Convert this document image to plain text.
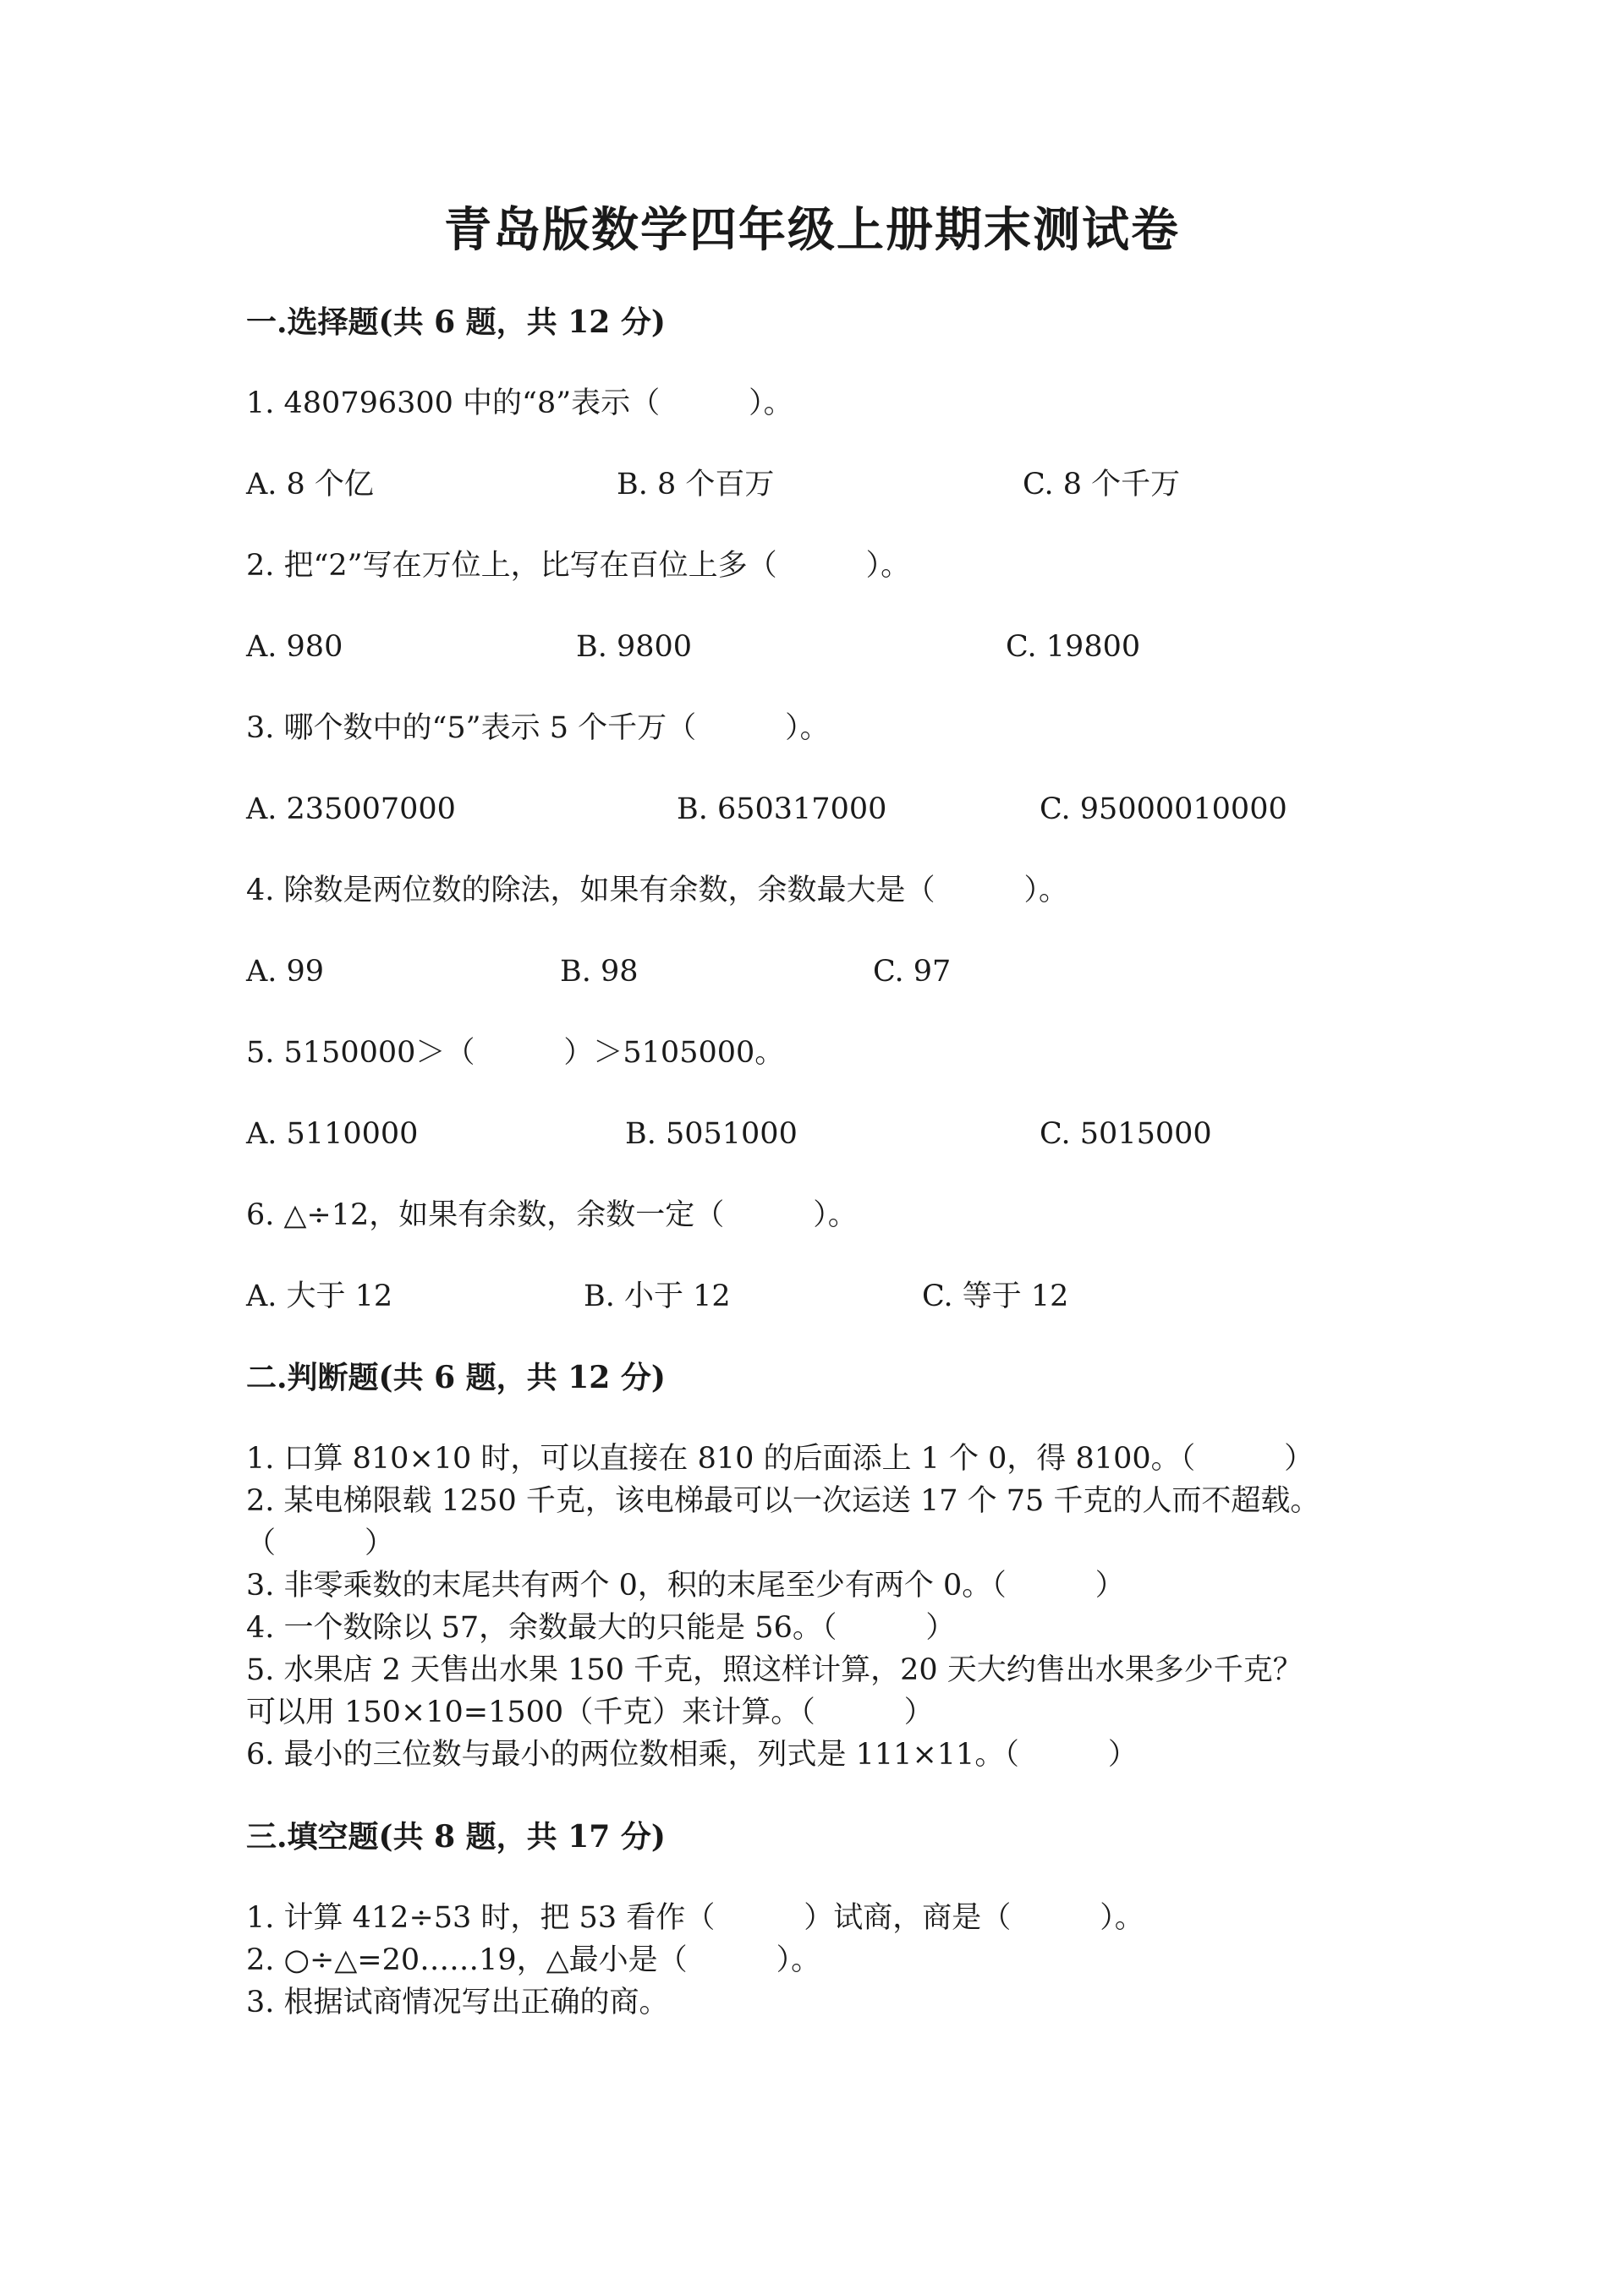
青岛版数学四年级上册期末测试卷
一.选择题(共 6 题，共 12 分)
1. 480796300 中的“8”表示（　　　）。
A. 8 个亿	B. 8 个百万	C. 8 个千万
2. 把“2”写在万位上，比写在百位上多（　　　）。
A. 980	B. 9800	C. 19800
3. 哪个数中的“5”表示 5 个千万（　　　）。
A. 235007000	B. 650317000	C. 95000010000
4. 除数是两位数的除法，如果有余数，余数最大是（　　　）。
A. 99	B. 98	C. 97
5. 5150000＞（　　　）＞5105000。
A. 5110000	B. 5051000	C. 5015000
6. △÷12，如果有余数，余数一定（　　　）。
A. 大于 12	B. 小于 12	C. 等于 12
二.判断题(共 6 题，共 12 分)
1. 口算 810×10 时，可以直接在 810 的后面添上 1 个 0，得 8100。（　　　）
2. 某电梯限载 1250 千克，该电梯最可以一次运送 17 个 75 千克的人而不超载。
（　　　）
3. 非零乘数的末尾共有两个 0，积的末尾至少有两个 0。（　　　）
4. 一个数除以 57，余数最大的只能是 56。（　　　）
5. 水果店 2 天售出水果 150 千克，照这样计算，20 天大约售出水果多少千克？
可以用 150×10=1500（千克）来计算。（　　　）
6. 最小的三位数与最小的两位数相乘，列式是 111×11。（　　　）
三.填空题(共 8 题，共 17 分)
1. 计算 412÷53 时，把 53 看作（　　　）试商，商是（　　　）。
2. ○÷△=20……19，△最小是（　　　）。
3. 根据试商情况写出正确的商。
